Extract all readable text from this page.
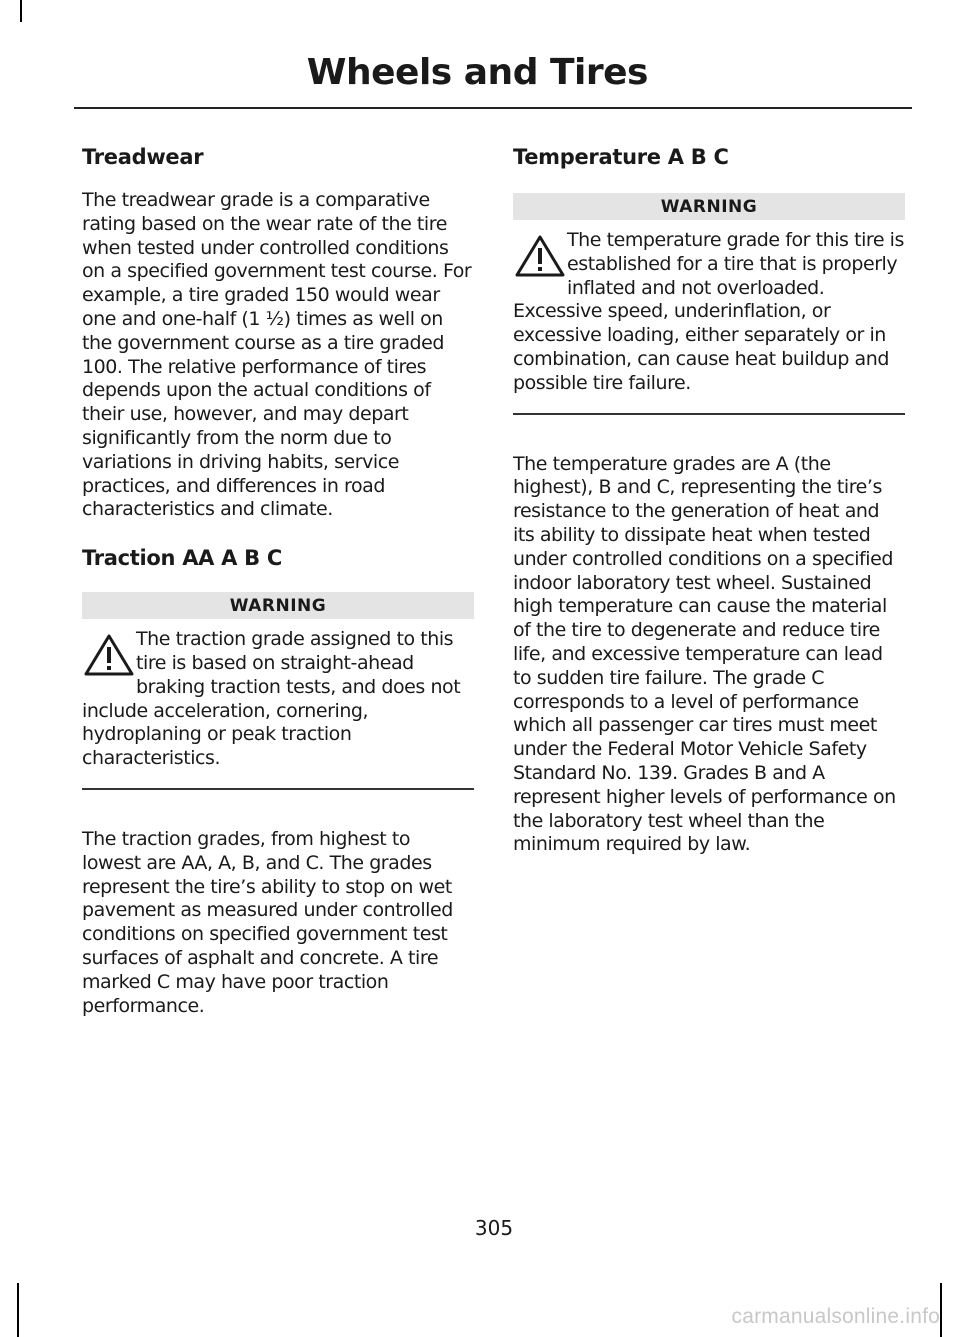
Wheels and Tires
Treadwear

The treadwear grade is a comparative rating based on the wear rate of the tire when tested under controlled conditions on a specified government test course. For example, a tire graded 150 would wear one and one-half (1 ½) times as well on the government course as a tire graded 100. The relative performance of tires depends upon the actual conditions of their use, however, and may depart significantly from the norm due to variations in driving habits, service practices, and differences in road characteristics and climate.

Traction AA A B C
WARNING

The traction grade assigned to this tire is based on straight-ahead braking traction tests, and does not include acceleration, cornering, hydroplaning or peak traction characteristics.

The traction grades, from highest to lowest are AA, A, B, and C. The grades represent the tire’s ability to stop on wet pavement as measured under controlled conditions on specified government test surfaces of asphalt and concrete. A tire marked C may have poor traction performance.

Temperature A B C
WARNING

The temperature grade for this tire is established for a tire that is properly inflated and not overloaded. Excessive speed, underinflation, or excessive loading, either separately or in combination, can cause heat buildup and possible tire failure.

The temperature grades are A (the highest), B and C, representing the tire’s resistance to the generation of heat and its ability to dissipate heat when tested under controlled conditions on a specified indoor laboratory test wheel. Sustained high temperature can cause the material of the tire to degenerate and reduce tire life, and excessive temperature can lead to sudden tire failure. The grade C corresponds to a level of performance which all passenger car tires must meet under the Federal Motor Vehicle Safety Standard No. 139. Grades B and A represent higher levels of performance on the laboratory test wheel than the minimum required by law.

305
carmanualsonline.info
